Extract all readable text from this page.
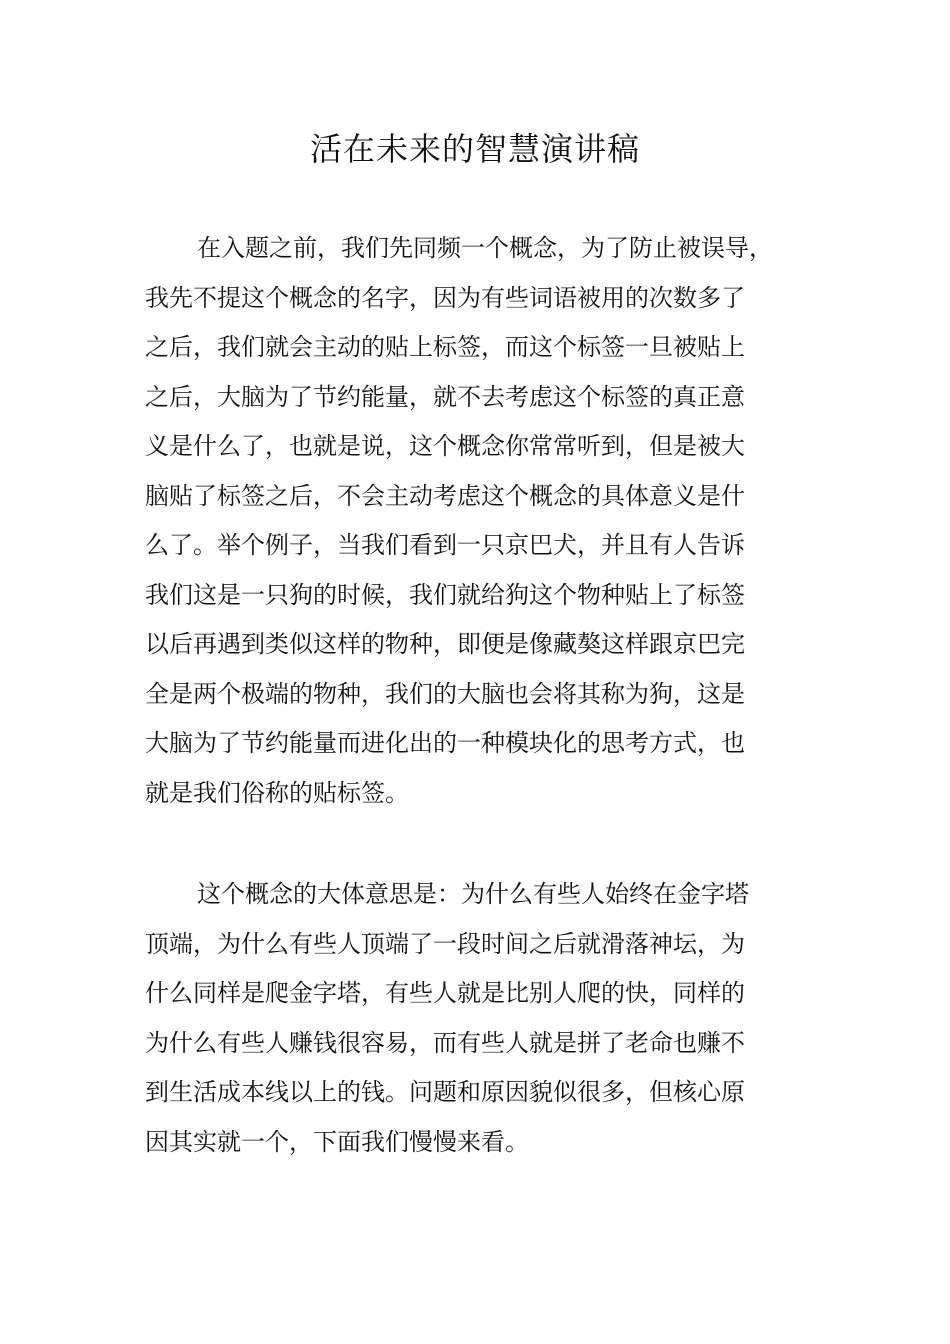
活在未来的智慧演讲稿
在入题之前，我们先同频一个概念，为了防止被误导，
我先不提这个概念的名字，因为有些词语被用的次数多了
之后，我们就会主动的贴上标签，而这个标签一旦被贴上
之后，大脑为了节约能量，就不去考虑这个标签的真正意
义是什么了，也就是说，这个概念你常常听到，但是被大
脑贴了标签之后，不会主动考虑这个概念的具体意义是什
么了。举个例子，当我们看到一只京巴犬，并且有人告诉
我们这是一只狗的时候，我们就给狗这个物种贴上了标签
以后再遇到类似这样的物种，即便是像藏獒这样跟京巴完
全是两个极端的物种，我们的大脑也会将其称为狗，这是
大脑为了节约能量而进化出的一种模块化的思考方式，也
就是我们俗称的贴标签。
这个概念的大体意思是：为什么有些人始终在金字塔
顶端，为什么有些人顶端了一段时间之后就滑落神坛，为
什么同样是爬金字塔，有些人就是比别人爬的快，同样的
为什么有些人赚钱很容易，而有些人就是拼了老命也赚不
到生活成本线以上的钱。问题和原因貌似很多，但核心原
因其实就一个，下面我们慢慢来看。
